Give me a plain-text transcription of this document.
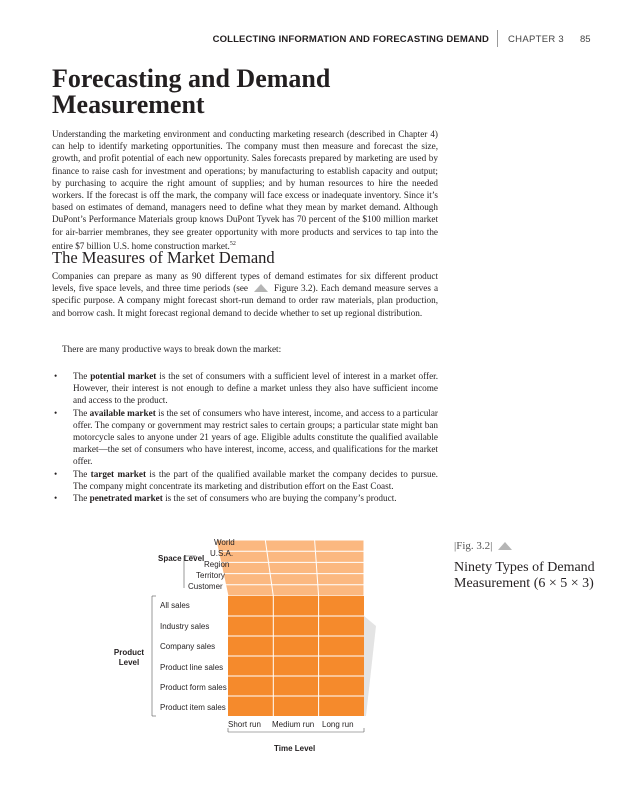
COLLECTING INFORMATION AND FORECASTING DEMAND CHAPTER 3 85
Forecasting and Demand Measurement

Understanding the marketing environment and conducting marketing research (described in Chapter 4) can help to identify marketing opportunities. The company must then measure and forecast the size, growth, and profit potential of each new opportunity. Sales forecasts prepared by marketing are used by finance to raise cash for investment and operations; by manufacturing to establish capacity and output; by purchasing to acquire the right amount of supplies; and by human resources to hire the needed workers. If the forecast is off the mark, the company will face excess or inadequate inventory. Since it’s based on estimates of demand, managers need to define what they mean by market demand. Although DuPont’s Performance Materials group knows DuPont Tyvek has 70 percent of the $100 million market for air-barrier membranes, they see greater opportunity with more products and services to tap into the entire $7 billion U.S. home construction market.$^{52}$

The Measures of Market Demand

Companies can prepare as many as 90 different types of demand estimates for six different product levels, five space levels, and three time periods (see	Figure 3.2). Each demand measure serves a specific purpose. A company might forecast short-run demand to order raw materials, plan production, and borrow cash. It might forecast regional demand to decide whether to set up regional distribution.

There are many productive ways to break down the market:

• The potential market is the set of consumers with a sufficient level of interest in a market offer. However, their interest is not enough to define a market unless they also have sufficient income and access to the product.
• The available market is the set of consumers who have interest, income, and access to a particular offer. The company or government may restrict sales to certain groups; a particular state might ban motorcycle sales to anyone under 21 years of age. Eligible adults constitute the qualified available market—the set of consumers who have interest, income, access, and qualifications for the market offer.
• The target market is the part of the qualified available market the company decides to pursue. The company might concentrate its marketing and distribution effort on the East Coast.
• The penetrated market is the set of consumers who are buying the company’s product.
|Fig. 3.2|
Ninety Types of Demand Measurement (6 × 5 × 3)
Space Level
World
U.S.A.
Region
Territory
Customer
Product Level
All sales
Industry sales
Company sales
Product line sales
Product form sales
Product item sales
Short run Medium run Long run
Time Level
